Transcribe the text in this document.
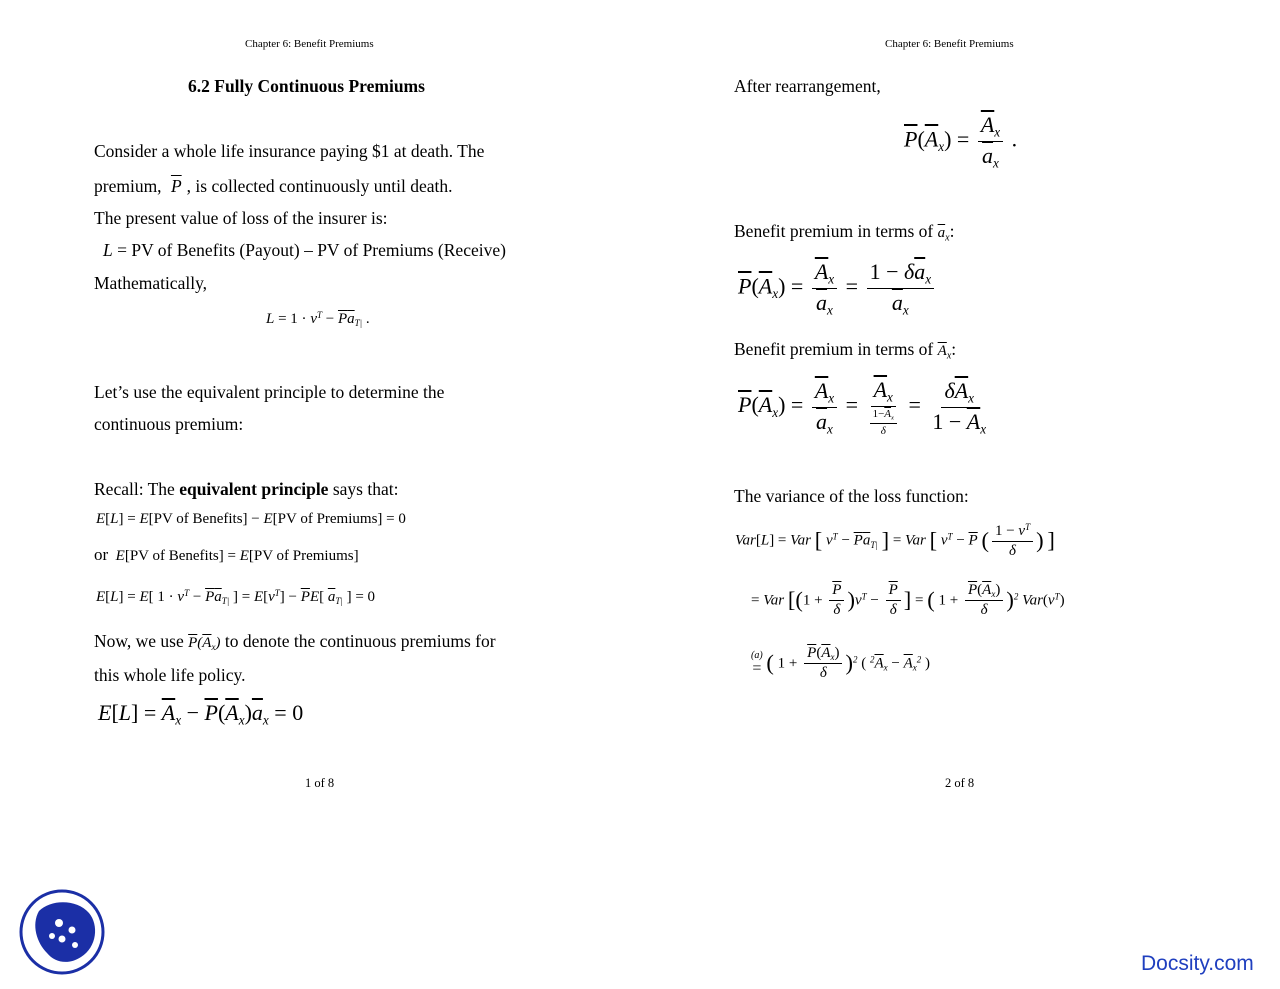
Chapter 6: Benefit Premiums
6.2 Fully Continuous Premiums
Consider a whole life insurance paying $1 at death. The
premium, $\overline{P}$ , is collected continuously until death.
The present value of loss of the insurer is:
L = PV of Benefits (Payout) – PV of Premiums (Receive)
Mathematically,
$L = 1 \cdot v^T - \overline{P}\overline{a}_{T|}$ .
Let’s use the equivalent principle to determine the
continuous premium:
Recall: The equivalent principle says that:
E[L] = E[PV of Benefits] − E[PV of Premiums] = 0
or E[PV of Benefits] = E[PV of Premiums]
E[L] = E[ $1 \cdot v^T - \overline{P}\overline{a}_{T|}$ ] = $E[v^T] - \overline{P}E$[ $\overline{a}_{T|}$ ] = 0
Now, we use $\overline{P}(\overline{A}_x)$ to denote the continuous premiums for
this whole life policy.
$E[L] = \overline{A}_x - \overline{P}(\overline{A}_x)\overline{a}_x = 0$
1 of 8
Chapter 6: Benefit Premiums
After rearrangement,
$\overline{P}(\overline{A}_x) = \frac{\overline{A}_x}{\overline{a}_x}$ .
Benefit premium in terms of $\overline{a}_x$:
$\overline{P}(\overline{A}_x) = \frac{\overline{A}_x}{\overline{a}_x} = \frac{1 - \delta\overline{a}_x}{\overline{a}_x}$
Benefit premium in terms of $\overline{A}_x$:
$\overline{P}(\overline{A}_x) = \frac{\overline{A}_x}{\overline{a}_x} = \frac{\overline{A}_x}{\frac{1-\overline{A}_x}{\delta}} = \frac{\delta\overline{A}_x}{1 - \overline{A}_x}$
The variance of the loss function:
Var[L] = Var [ $v^T - \overline{P}\overline{a}_{T|}$ ] = Var [ $v^T - \overline{P}$ ( $\frac{1 - v^T}{\delta}$ ) ]
= Var [$(1 + \frac{\overline{P}}{\delta} )v^T - \frac{\overline{P}}{\delta}$ ] = ( $1 + \frac{\overline{P}(\overline{A}_x)}{\delta} )^2$ $Var(v^T)$
(a)
= ( $1 + \frac{\overline{P}(\overline{A}_x)}{\delta} )^2$ ( $^2\overline{A}_x - \overline{A}_x^2$ )
2 of 8
Docsity.com
